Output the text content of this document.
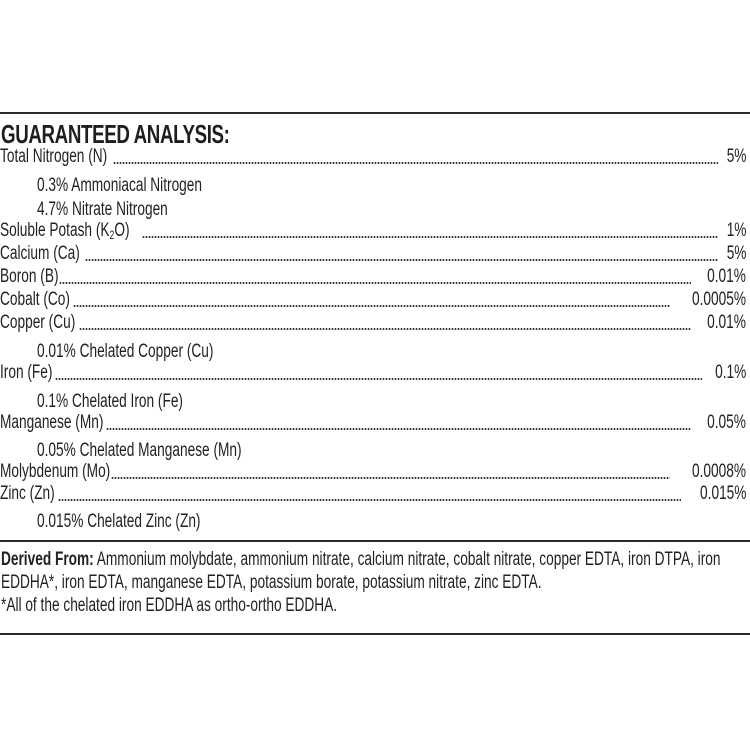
GUARANTEED ANALYSIS:
Total Nitrogen (N)	5%
0.3% Ammoniacal Nitrogen
4.7% Nitrate Nitrogen
Soluble Potash $(K_2O)$	1%
Calcium (Ca)	5%
Boron (B)	0.01%
Cobalt (Co)	0.0005%
Copper (Cu)	0.01%
0.01% Chelated Copper (Cu)
Iron (Fe)	0.1%
0.1% Chelated Iron (Fe)
Manganese (Mn)	0.05%
0.05% Chelated Manganese (Mn)
Molybdenum (Mo)	0.0008%
Zinc (Zn)	0.015%
0.015% Chelated Zinc (Zn)
Derived From: Ammonium molybdate, ammonium nitrate, calcium nitrate, cobalt nitrate, copper EDTA, iron DTPA, iron EDDHA*, iron EDTA, manganese EDTA, potassium borate, potassium nitrate, zinc EDTA.
*All of the chelated iron EDDHA as ortho-ortho EDDHA.
